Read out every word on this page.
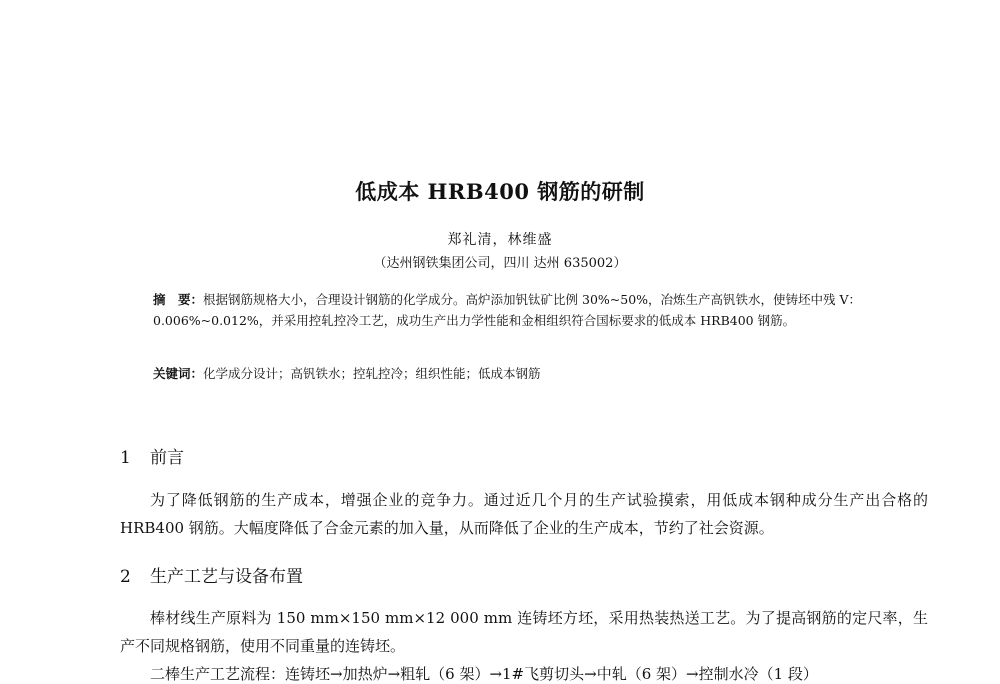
低成本 HRB400 钢筋的研制
郑礼清，林维盛
（达州钢铁集团公司，四川 达州 635002）
摘　要：根据钢筋规格大小，合理设计钢筋的化学成分。高炉添加钒钛矿比例 30%~50%，冶炼生产高钒铁水，使铸坯中残 V：0.006%~0.012%，并采用控轧控冷工艺，成功生产出力学性能和金相组织符合国标要求的低成本 HRB400 钢筋。
关键词：化学成分设计；高钒铁水；控轧控冷；组织性能；低成本钢筋
1 前言
为了降低钢筋的生产成本，增强企业的竞争力。通过近几个月的生产试验摸索，用低成本钢种成分生产出合格的 HRB400 钢筋。大幅度降低了合金元素的加入量，从而降低了企业的生产成本，节约了社会资源。
2 生产工艺与设备布置
棒材线生产原料为 150 mm×150 mm×12 000 mm 连铸坯方坯，采用热装热送工艺。为了提高钢筋的定尺率，生产不同规格钢筋，使用不同重量的连铸坯。
二棒生产工艺流程：连铸坯→加热炉→粗轧（6 架）→1#飞剪切头→中轧（6 架）→控制水冷（1 段）
